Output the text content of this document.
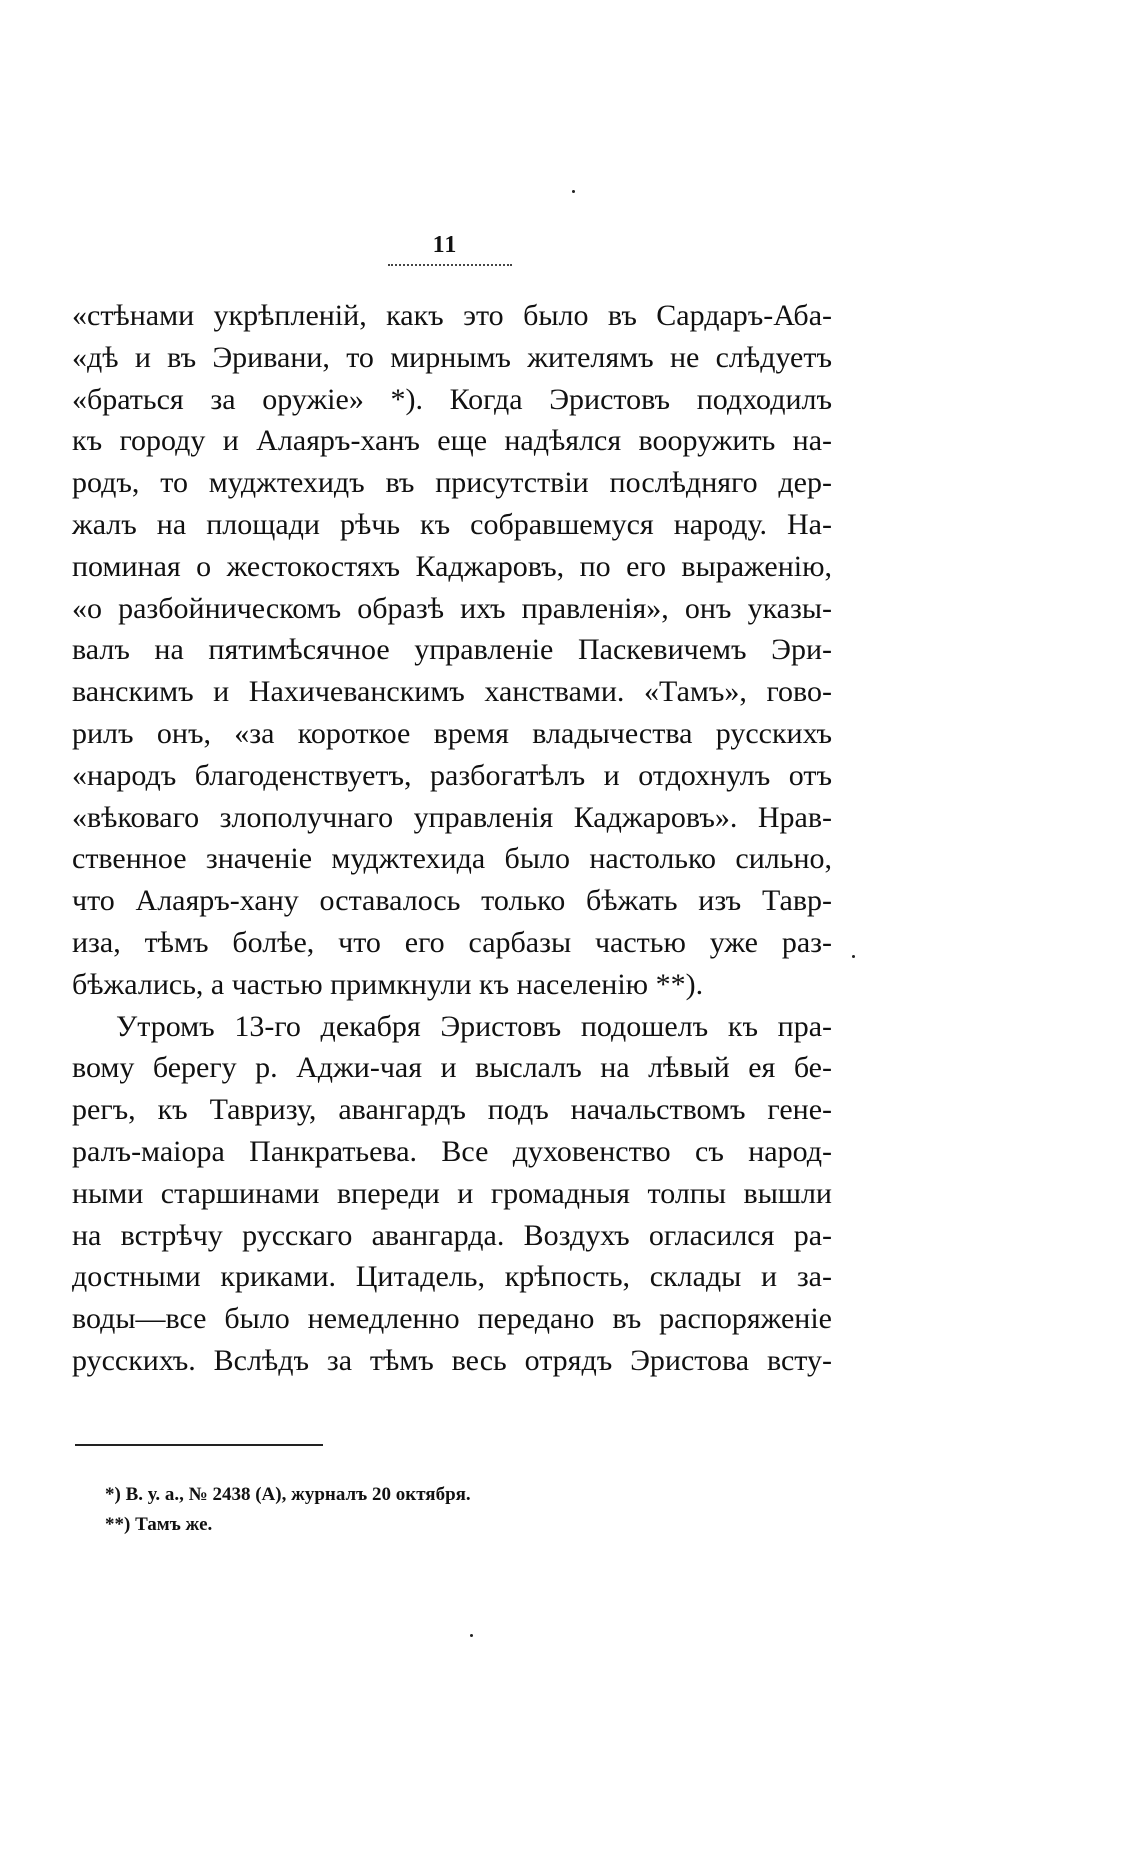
11
«стѣнами укрѣпленій, какъ это было въ Сардаръ-Аба-
«дѣ и въ Эривани, то мирнымъ жителямъ не слѣдуетъ
«браться за оружіе» *). Когда Эристовъ подходилъ
къ городу и Алаяръ-ханъ еще надѣялся вооружить на-
родъ, то муджтехидъ въ присутствіи послѣдняго дер-
жалъ на площади рѣчь къ собравшемуся народу. На-
поминая о жестокостяхъ Каджаровъ, по его выраженію,
«о разбойническомъ образѣ ихъ правленія», онъ указы-
валъ на пятимѣсячное управленіе Паскевичемъ Эри-
ванскимъ и Нахичеванскимъ ханствами. «Тамъ», гово-
рилъ онъ, «за короткое время владычества русскихъ
«народъ благоденствуетъ, разбогатѣлъ и отдохнулъ отъ
«вѣковаго злополучнаго управленія Каджаровъ». Нрав-
ственное значеніе муджтехида было настолько сильно,
что Алаяръ-хану оставалось только бѣжать изъ Тавр-
иза, тѣмъ болѣе, что его сарбазы частью уже раз-
бѣжались, а частью примкнули къ населенію **).
Утромъ 13-го декабря Эристовъ подошелъ къ пра-
вому берегу р. Аджи-чая и выслалъ на лѣвый ея бе-
регъ, къ Тавризу, авангардъ подъ начальствомъ гене-
ралъ-маіора Панкратьева. Все духовенство съ народ-
ными старшинами впереди и громадныя толпы вышли
на встрѣчу русскаго авангарда. Воздухъ огласился ра-
достными криками. Цитадель, крѣпость, склады и за-
воды—все было немедленно передано въ распоряженіе
русскихъ. Вслѣдъ за тѣмъ весь отрядъ Эристова всту-
*) В. у. а., № 2438 (А), журналъ 20 октября.
**) Тамъ же.
